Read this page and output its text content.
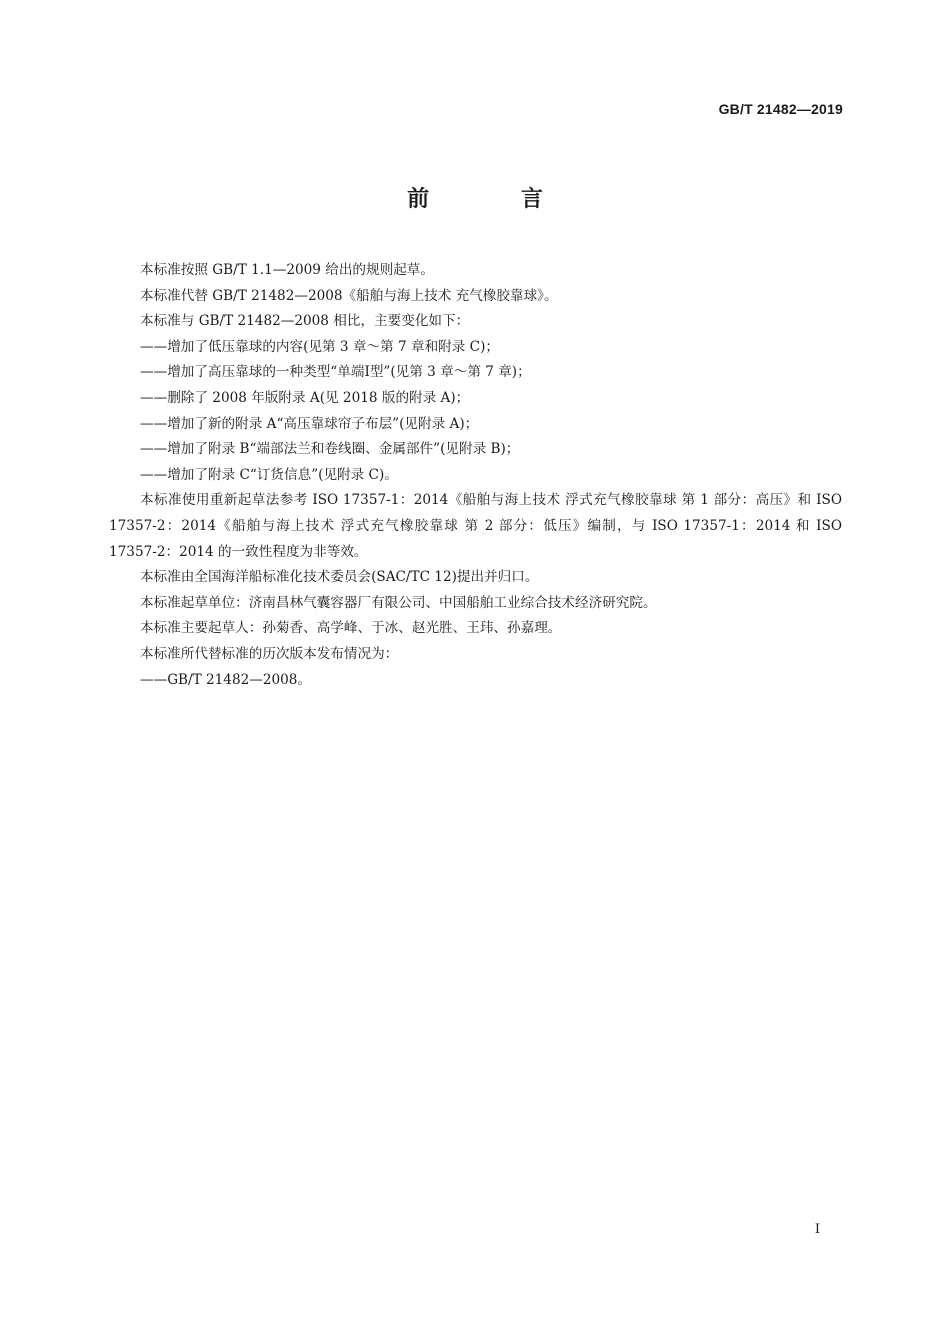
GB/T 21482—2019
前 言

本标准按照 GB/T 1.1—2009 给出的规则起草。

本标准代替 GB/T 21482—2008《船舶与海上技术 充气橡胶靠球》。

本标准与 GB/T 21482—2008 相比，主要变化如下：

——增加了低压靠球的内容(见第 3 章～第 7 章和附录 C)；

——增加了高压靠球的一种类型“单端Ⅰ型”(见第 3 章～第 7 章)；

——删除了 2008 年版附录 A(见 2018 版的附录 A)；

——增加了新的附录 A“高压靠球帘子布层”(见附录 A)；

——增加了附录 B“端部法兰和卷线圈、金属部件”(见附录 B)；

——增加了附录 C“订货信息”(见附录 C)。

本标准使用重新起草法参考 ISO 17357-1：2014《船舶与海上技术 浮式充气橡胶靠球 第 1 部分：高压》和 ISO 17357-2：2014《船舶与海上技术 浮式充气橡胶靠球 第 2 部分：低压》编制，与 ISO 17357-1：2014 和 ISO 17357-2：2014 的一致性程度为非等效。

本标准由全国海洋船标准化技术委员会(SAC/TC 12)提出并归口。

本标准起草单位：济南昌林气囊容器厂有限公司、中国船舶工业综合技术经济研究院。

本标准主要起草人：孙菊香、高学峰、于冰、赵光胜、王玮、孙嘉理。

本标准所代替标准的历次版本发布情况为：

——GB/T 21482—2008。

Ⅰ
